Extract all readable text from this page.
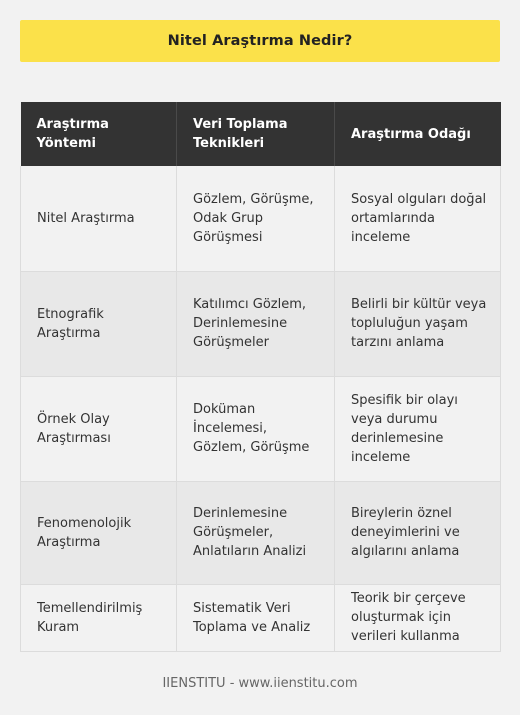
Nitel Araştırma Nedir?
Araştırma Yöntemi	Veri Toplama Teknikleri	Araştırma Odağı
Nitel Araştırma	Gözlem, Görüşme, Odak Grup Görüşmesi	Sosyal olguları doğal ortamlarında inceleme
Etnografik Araştırma	Katılımcı Gözlem, Derinlemesine Görüşmeler	Belirli bir kültür veya topluluğun yaşam tarzını anlama
Örnek Olay Araştırması	Doküman İncelemesi, Gözlem, Görüşme	Spesifik bir olayı veya durumu derinlemesine inceleme
Fenomenolojik Araştırma	Derinlemesine Görüşmeler, Anlatıların Analizi	Bireylerin öznel deneyimlerini ve algılarını anlama
Temellendirilmiş Kuram	Sistematik Veri Toplama ve Analiz	Teorik bir çerçeve oluşturmak için verileri kullanma
IIENSTITU - www.iienstitu.com
